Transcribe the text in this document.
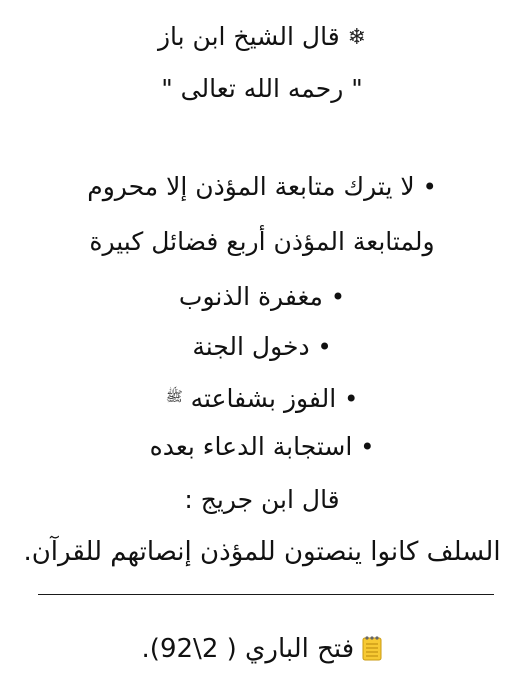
❄ قال الشيخ ابن باز
" رحمه الله تعالى "
• لا يترك متابعة المؤذن إلا محروم
ولمتابعة المؤذن أربع فضائل كبيرة
• مغفرة الذنوب
• دخول الجنة
• الفوز بشفاعته $^ﷺ$
• استجابة الدعاء بعده
قال ابن جريج :
السلف كانوا ينصتون للمؤذن إنصاتهم للقرآن.
فتح الباري ( 2\92).
